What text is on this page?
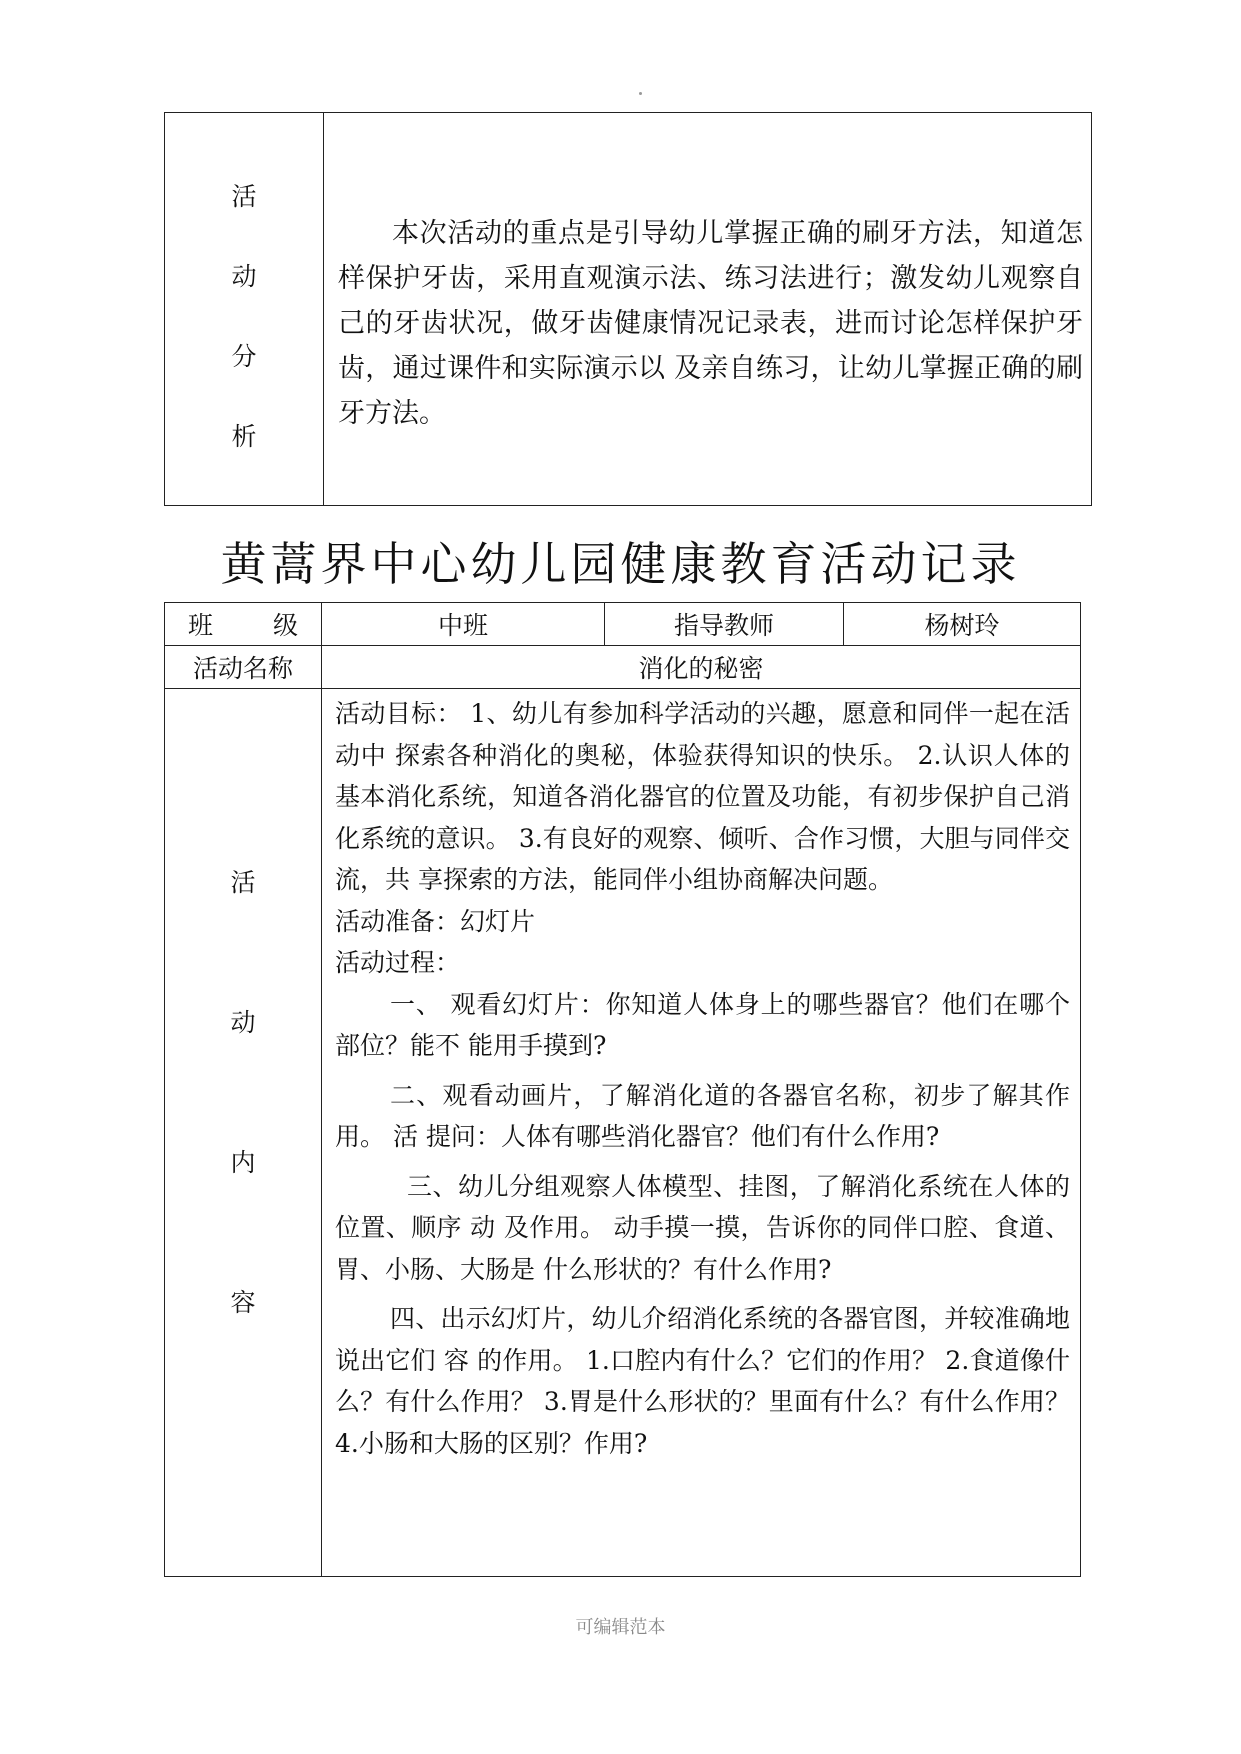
活
动
分
析

本次活动的重点是引导幼儿掌握正确的刷牙方法，知道怎样保护牙齿，采用直观演示法、练习法进行；激发幼儿观察自己的牙齿状况，做牙齿健康情况记录表，进而讨论怎样保护牙齿，通过课件和实际演示以 及亲自练习，让幼儿掌握正确的刷牙方法。

黄蒿界中心幼儿园健康教育活动记录
班 级	中班	指导教师	杨树玲
活动名称	消化的秘密
活
动
内
容

活动目标： 1、幼儿有参加科学活动的兴趣，愿意和同伴一起在活动中 探索各种消化的奥秘，体验获得知识的快乐。 2.认识人体的基本消化系统，知道各消化器官的位置及功能，有初步保护自己消化系统的意识。 3.有良好的观察、倾听、合作习惯，大胆与同伴交流，共 享探索的方法，能同伴小组协商解决问题。

活动准备：幻灯片

活动过程：

一、 观看幻灯片：你知道人体身上的哪些器官？他们在哪个部位？能不 能用手摸到?

二、观看动画片，了解消化道的各器官名称，初步了解其作用。 活 提问：人体有哪些消化器官？他们有什么作用?

三、幼儿分组观察人体模型、挂图，了解消化系统在人体的位置、顺序 动 及作用。 动手摸一摸，告诉你的同伴口腔、食道、胃、小肠、大肠是 什么形状的？有什么作用?

四、出示幻灯片，幼儿介绍消化系统的各器官图，并较准确地说出它们 容 的作用。 1.口腔内有什么？它们的作用？ 2.食道像什么？有什么作用？ 3.胃是什么形状的？里面有什么？有什么作用？ 4.小肠和大肠的区别？作用?

可编辑范本
